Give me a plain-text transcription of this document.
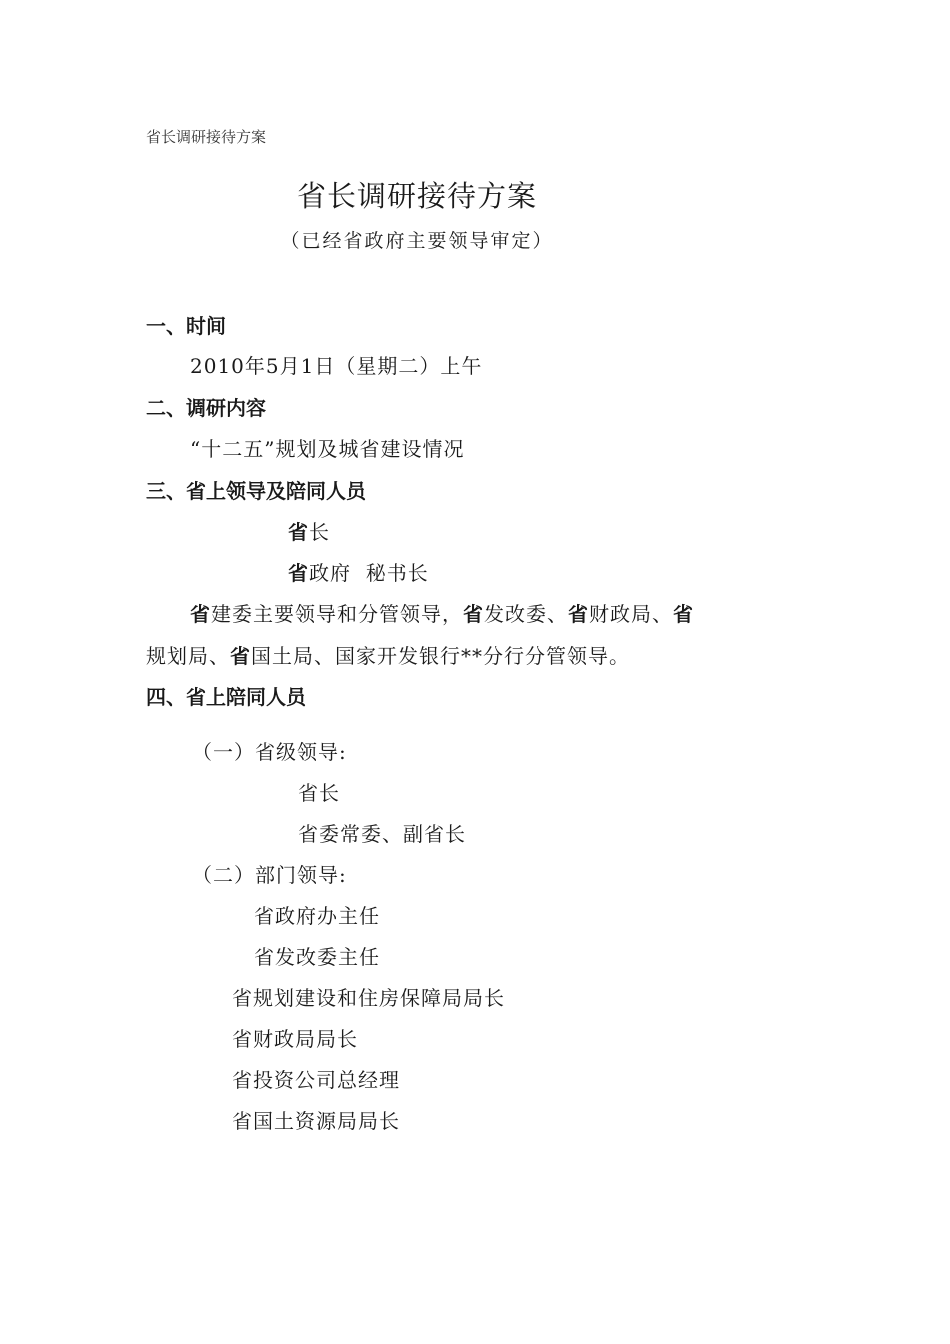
省长调研接待方案
省长调研接待方案
（已经省政府主要领导审定）
一、时间
2010年5月1日（星期二）上午
二、调研内容
“十二五”规划及城省建设情况
三、省上领导及陪同人员
省长
省政府  秘书长
省建委主要领导和分管领导，省发改委、省财政局、省
规划局、省国土局、国家开发银行**分行分管领导。
四、省上陪同人员
（一）省级领导:
省长
省委常委、副省长
（二）部门领导:
省政府办主任
省发改委主任
省规划建设和住房保障局局长
省财政局局长
省投资公司总经理
省国土资源局局长
